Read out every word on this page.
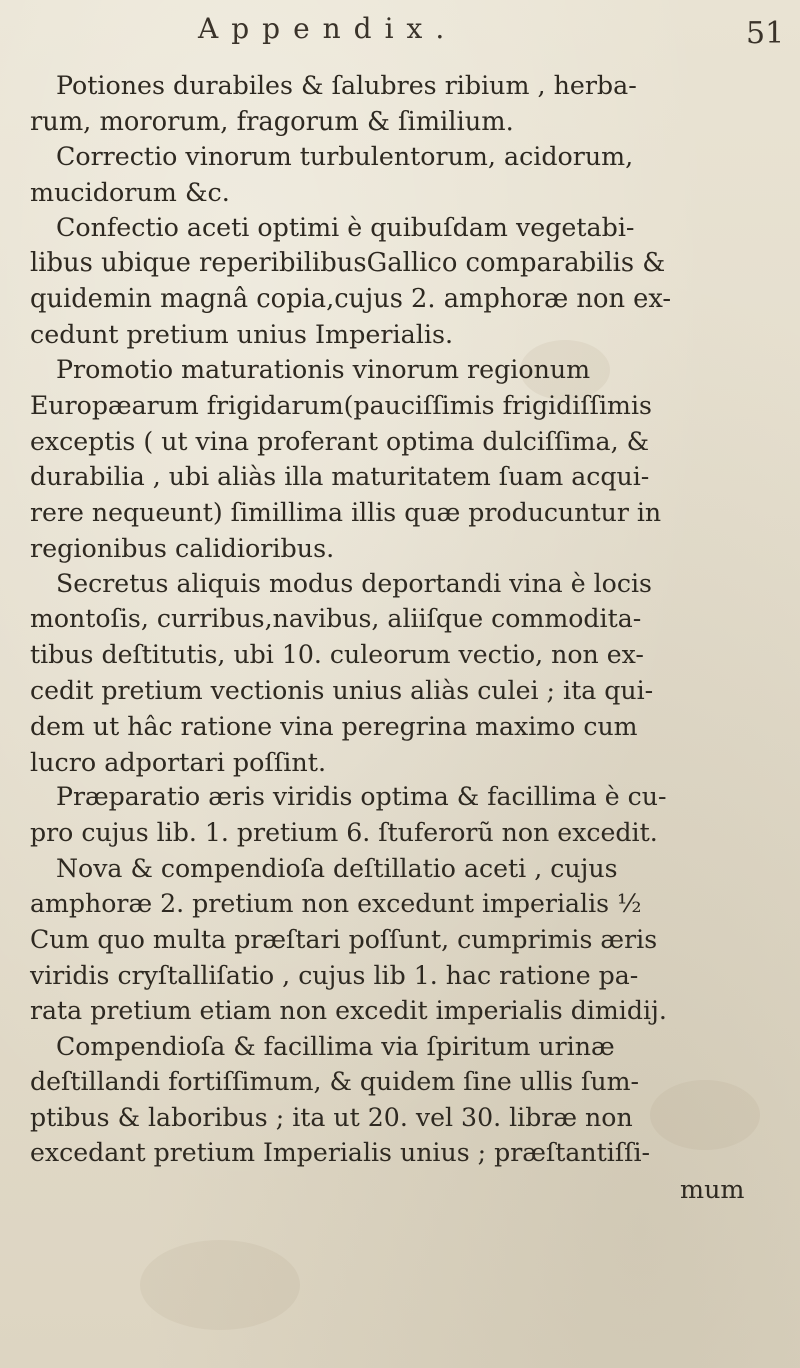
Appendix.	51
Potiones durabiles & ſalubres ribium , herba-
rum, mororum, fragorum & ſimilium.
Correctio vinorum turbulentorum, acidorum,
mucidorum &c.
Confectio aceti optimi è quibuſdam vegetabi-
libus ubique reperibilibusGallico comparabilis &
quidemin magnâ copia,cujus 2. amphoræ non ex-
cedunt pretium unius Imperialis.
Promotio maturationis vinorum regionum
Europæarum frigidarum(pauciſſimis frigidiſſimis
exceptis ( ut vina proferant optima dulciſſima, &
durabilia , ubi aliàs illa maturitatem ſuam acqui-
rere nequeunt) ſimillima illis quæ producuntur in
regionibus calidioribus.
Secretus aliquis modus deportandi vina è locis
montoſis, curribus,navibus, aliiſque commodita-
tibus deſtitutis, ubi 10. culeorum vectio, non ex-
cedit pretium vectionis unius aliàs culei ; ita qui-
dem ut hâc ratione vina peregrina maximo cum
lucro adportari poſſint.
Præparatio æris viridis optima & facillima è cu-
pro cujus lib. 1. pretium 6. ſtuferorũ non excedit.
Nova & compendioſa deſtillatio aceti , cujus
amphoræ 2. pretium non excedunt imperialis ½
Cum quo multa præſtari poſſunt, cumprimis æris
viridis cryſtalliſatio , cujus lib 1. hac ratione pa-
rata pretium etiam non excedit imperialis dimidij.
Compendioſa & facillima via ſpiritum urinæ
deſtillandi fortiſſimum, & quidem ſine ullis ſum-
ptibus & laboribus ; ita ut 20. vel 30. libræ non
excedant pretium Imperialis unius ; præſtantiſſi-
mum
